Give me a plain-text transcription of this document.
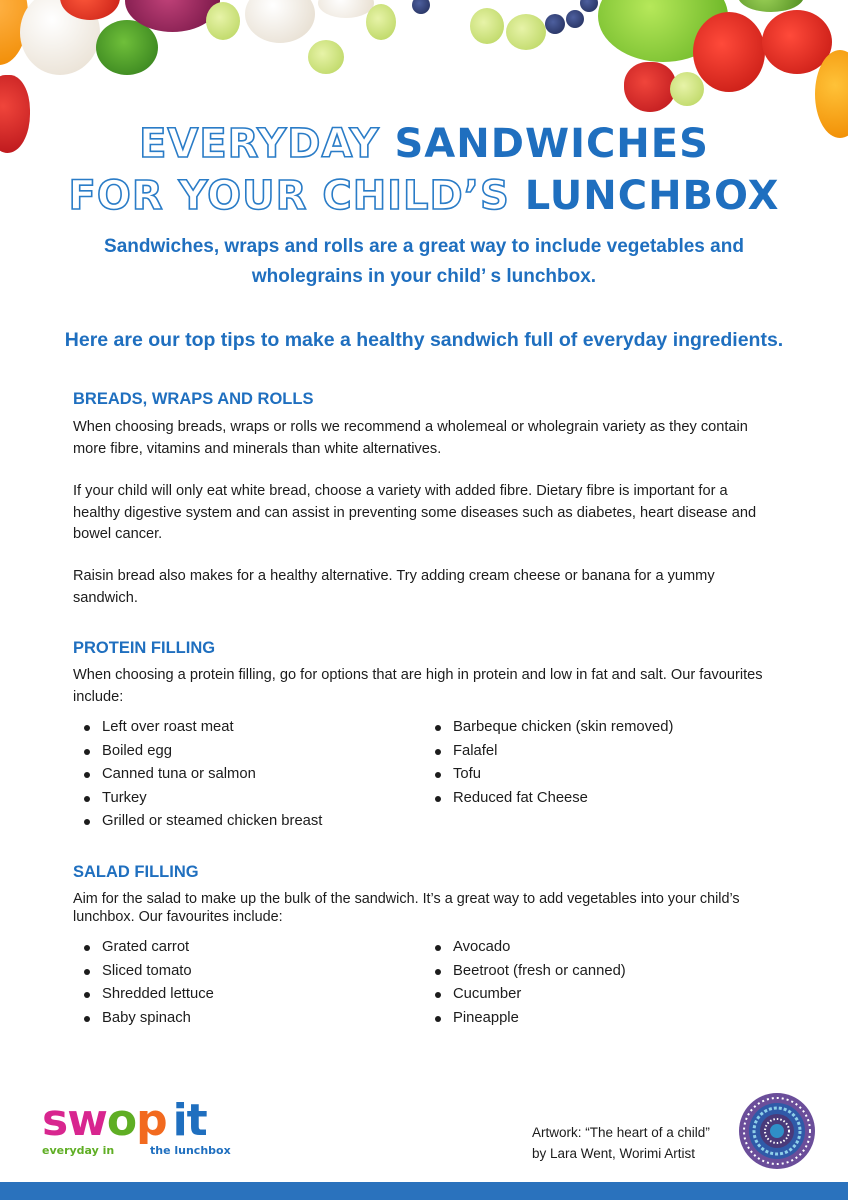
EVERYDAY SANDWICHES
FOR YOUR CHILD’S LUNCHBOX
Sandwiches, wraps and rolls are a great way to include vegetables and wholegrains in your child’ s lunchbox.
Here are our top tips to make a healthy sandwich full of everyday ingredients.
BREADS, WRAPS AND ROLLS
When choosing breads, wraps or rolls we recommend a wholemeal or wholegrain variety as they contain more fibre, vitamins and minerals than white alternatives.
If your child will only eat white bread, choose a variety with added fibre. Dietary fibre is important for a healthy digestive system and can assist in preventing some diseases such as diabetes, heart disease and bowel cancer.
Raisin bread also makes for a healthy alternative. Try adding cream cheese or banana for a yummy sandwich.
PROTEIN FILLING
When choosing a protein filling, go for options that are high in protein and low in fat and salt. Our favourites include:
Left over roast meat
Boiled egg
Canned tuna or salmon
Turkey
Grilled or steamed chicken breast
Barbeque chicken (skin removed)
Falafel
Tofu
Reduced fat Cheese
SALAD FILLING
Aim for the salad to make up the bulk of the sandwich. It’s a great way to add vegetables into your child’s lunchbox. Our favourites include:
Grated carrot
Sliced tomato
Shredded lettuce
Baby spinach
Avocado
Beetroot (fresh or canned)
Cucumber
Pineapple
swop it
everyday in	the lunchbox
Artwork: “The heart of a child”
by Lara Went, Worimi Artist
